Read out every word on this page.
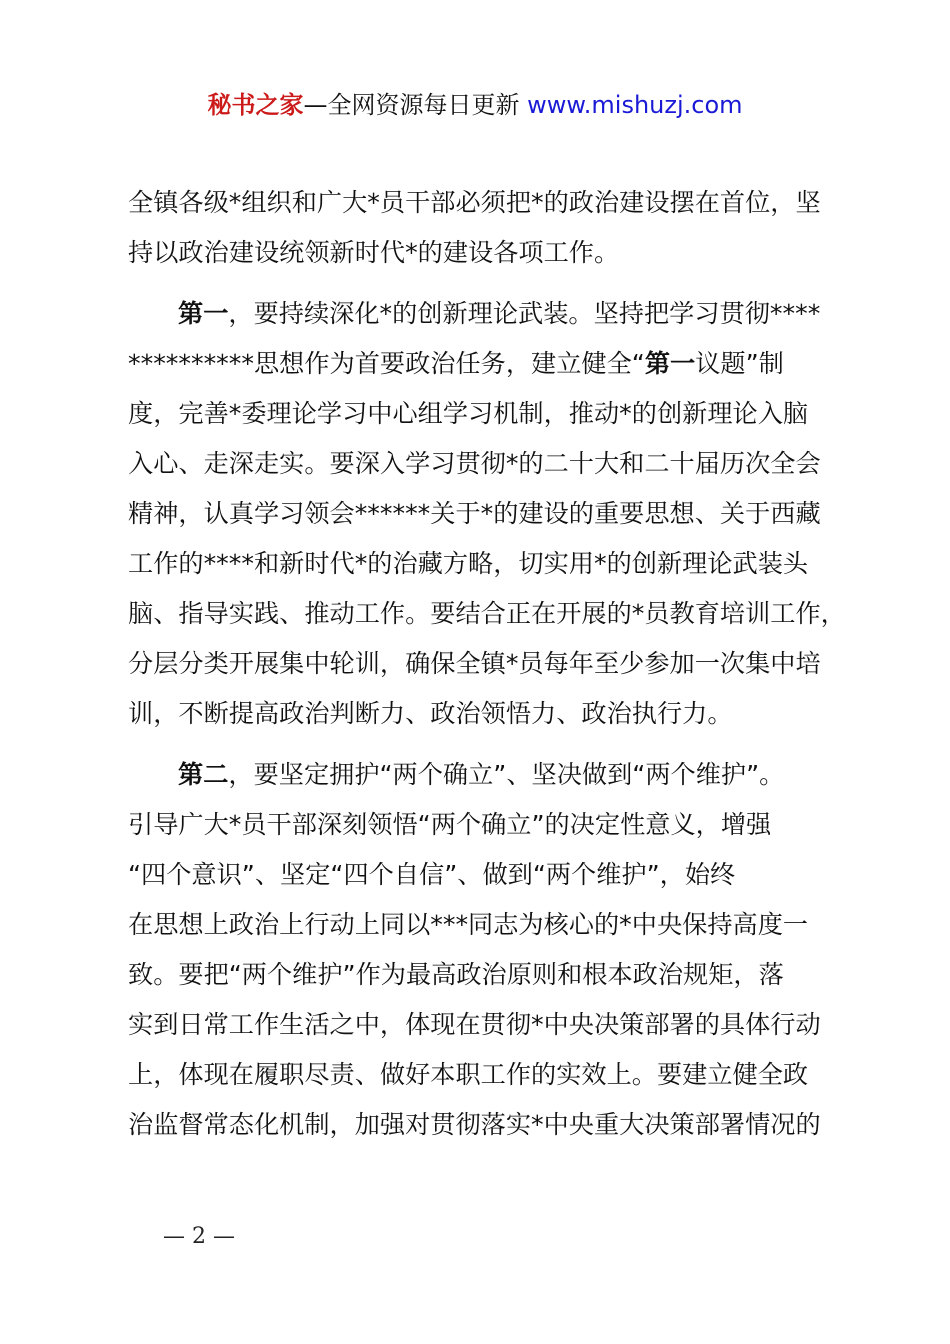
秘书之家—全网资源每日更新 www.mishuzj.com

全镇各级*组织和广大*员干部必须把*的政治建设摆在首位，坚
持以政治建设统领新时代*的建设各项工作。

第一，要持续深化*的创新理论武装。坚持把学习贯彻****
**********思想作为首要政治任务，建立健全“第一议题”制
度，完善*委理论学习中心组学习机制，推动*的创新理论入脑
入心、走深走实。要深入学习贯彻*的二十大和二十届历次全会
精神，认真学习领会******关于*的建设的重要思想、关于西藏
工作的****和新时代*的治藏方略，切实用*的创新理论武装头
脑、指导实践、推动工作。要结合正在开展的*员教育培训工作，
分层分类开展集中轮训，确保全镇*员每年至少参加一次集中培
训，不断提高政治判断力、政治领悟力、政治执行力。

第二，要坚定拥护“两个确立”、坚决做到“两个维护”。
引导广大*员干部深刻领悟“两个确立”的决定性意义，增强
“四个意识”、坚定“四个自信”、做到“两个维护”，始终
在思想上政治上行动上同以***同志为核心的*中央保持高度一
致。要把“两个维护”作为最高政治原则和根本政治规矩，落
实到日常工作生活之中，体现在贯彻*中央决策部署的具体行动
上，体现在履职尽责、做好本职工作的实效上。要建立健全政
治监督常态化机制，加强对贯彻落实*中央重大决策部署情况的

— 2 —
